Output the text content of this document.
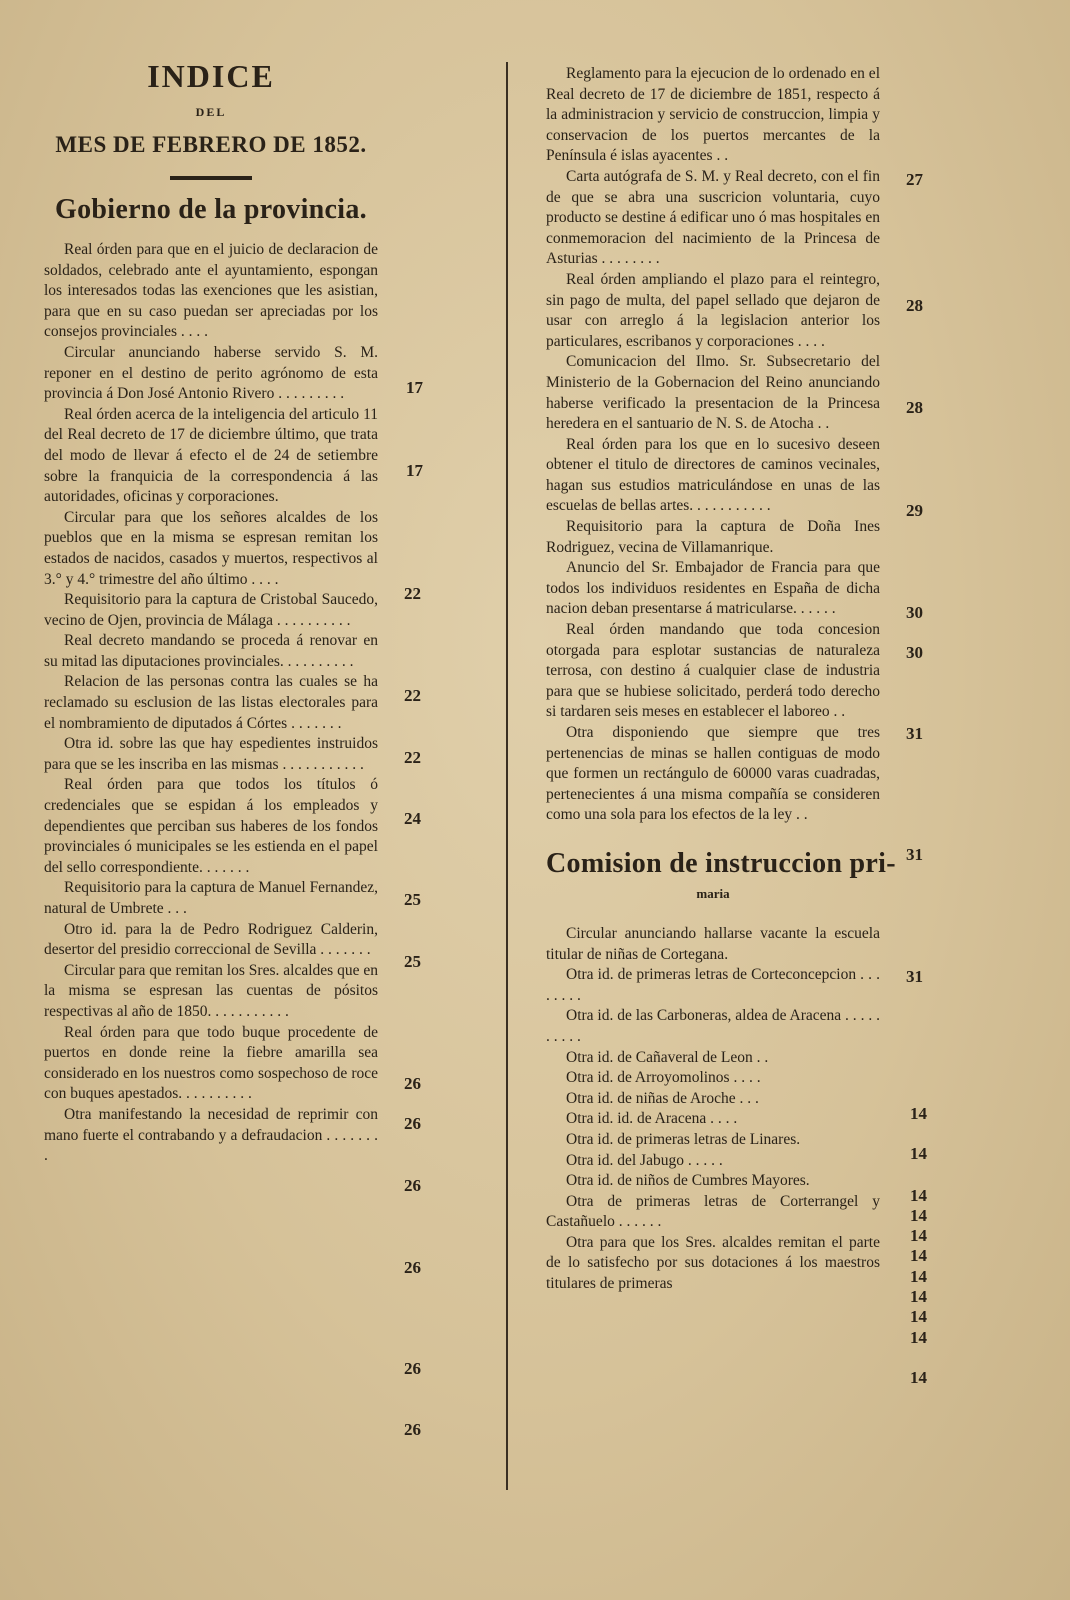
INDICE
DEL
MES DE FEBRERO DE 1852.
Gobierno de la provincia.
Real órden para que en el juicio de declaracion de soldados, celebrado ante el ayuntamiento, espongan los interesados todas las exenciones que les asistian, para que en su caso puedan ser apreciadas por los consejos provinciales . . . .
Circular anunciando haberse servido S. M. reponer en el destino de perito agrónomo de esta provincia á Don José Antonio Rivero . . . . . . . . .
Real órden acerca de la inteligencia del articulo 11 del Real decreto de 17 de diciembre último, que trata del modo de llevar á efecto el de 24 de setiembre sobre la franquicia de la correspondencia á las autoridades, oficinas y corporaciones.
Circular para que los señores alcaldes de los pueblos que en la misma se espresan remitan los estados de nacidos, casados y muertos, respectivos al 3.° y 4.° trimestre del año último . . . .
Requisitorio para la captura de Cristobal Saucedo, vecino de Ojen, provincia de Málaga . . . . . . . . . .
Real decreto mandando se proceda á renovar en su mitad las diputaciones provinciales. . . . . . . . . .
Relacion de las personas contra las cuales se ha reclamado su esclusion de las listas electorales para el nombramiento de diputados á Córtes . . . . . . .
Otra id. sobre las que hay espedientes instruidos para que se les inscriba en las mismas . . . . . . . . . . .
Real órden para que todos los títulos ó credenciales que se espidan á los empleados y dependientes que perciban sus haberes de los fondos provinciales ó municipales se les estienda en el papel del sello correspondiente. . . . . . .
Requisitorio para la captura de Manuel Fernandez, natural de Umbrete . . .
Otro id. para la de Pedro Rodriguez Calderin, desertor del presidio correccional de Sevilla . . . . . . .
Circular para que remitan los Sres. alcaldes que en la misma se espresan las cuentas de pósitos respectivas al año de 1850. . . . . . . . . . .
Real órden para que todo buque procedente de puertos en donde reine la fiebre amarilla sea considerado en los nuestros como sospechoso de roce con buques apestados. . . . . . . . . .
Otra manifestando la necesidad de reprimir con mano fuerte el contrabando y a defraudacion . . . . . . . .
17
17
22
22
22
24
25
25
26
26
26
26
26
26
Reglamento para la ejecucion de lo ordenado en el Real decreto de 17 de diciembre de 1851, respecto á la administracion y servicio de construccion, limpia y conservacion de los puertos mercantes de la Península é islas ayacentes . .
Carta autógrafa de S. M. y Real decreto, con el fin de que se abra una suscricion voluntaria, cuyo producto se destine á edificar uno ó mas hospitales en conmemoracion del nacimiento de la Princesa de Asturias . . . . . . . .
Real órden ampliando el plazo para el reintegro, sin pago de multa, del papel sellado que dejaron de usar con arreglo á la legislacion anterior los particulares, escribanos y corporaciones . . . .
Comunicacion del Ilmo. Sr. Subsecretario del Ministerio de la Gobernacion del Reino anunciando haberse verificado la presentacion de la Princesa heredera en el santuario de N. S. de Atocha . .
Real órden para los que en lo sucesivo deseen obtener el titulo de directores de caminos vecinales, hagan sus estudios matriculándose en unas de las escuelas de bellas artes. . . . . . . . . . .
Requisitorio para la captura de Doña Ines Rodriguez, vecina de Villamanrique.
Anuncio del Sr. Embajador de Francia para que todos los individuos residentes en España de dicha nacion deban presentarse á matricularse. . . . . .
Real órden mandando que toda concesion otorgada para esplotar sustancias de naturaleza terrosa, con destino á cualquier clase de industria para que se hubiese solicitado, perderá todo derecho si tardaren seis meses en establecer el laboreo . .
Otra disponiendo que siempre que tres pertenencias de minas se hallen contiguas de modo que formen un rectángulo de 60000 varas cuadradas, pertenecientes á una misma compañía se consideren como una sola para los efectos de la ley . .
Comision de instruccion pri-
maria
Circular anunciando hallarse vacante la escuela titular de niñas de Cortegana.
Otra id. de primeras letras de Corteconcepcion . . . . . . . .
Otra id. de las Carboneras, aldea de Aracena . . . . . . . . . .
Otra id. de Cañaveral de Leon . .
Otra id. de Arroyomolinos . . . .
Otra id. de niñas de Aroche . . .
Otra id. id. de Aracena . . . .
Otra id. de primeras letras de Linares.
Otra id. del Jabugo . . . . .
Otra id. de niños de Cumbres Mayores.
Otra de primeras letras de Corterrangel y Castañuelo . . . . . .
Otra para que los Sres. alcaldes remitan el parte de lo satisfecho por sus dotaciones á los maestros titulares de primeras
27
28
28
29
30
30
31
31
31
14
14
14
14
14
14
14
14
14
14
14
